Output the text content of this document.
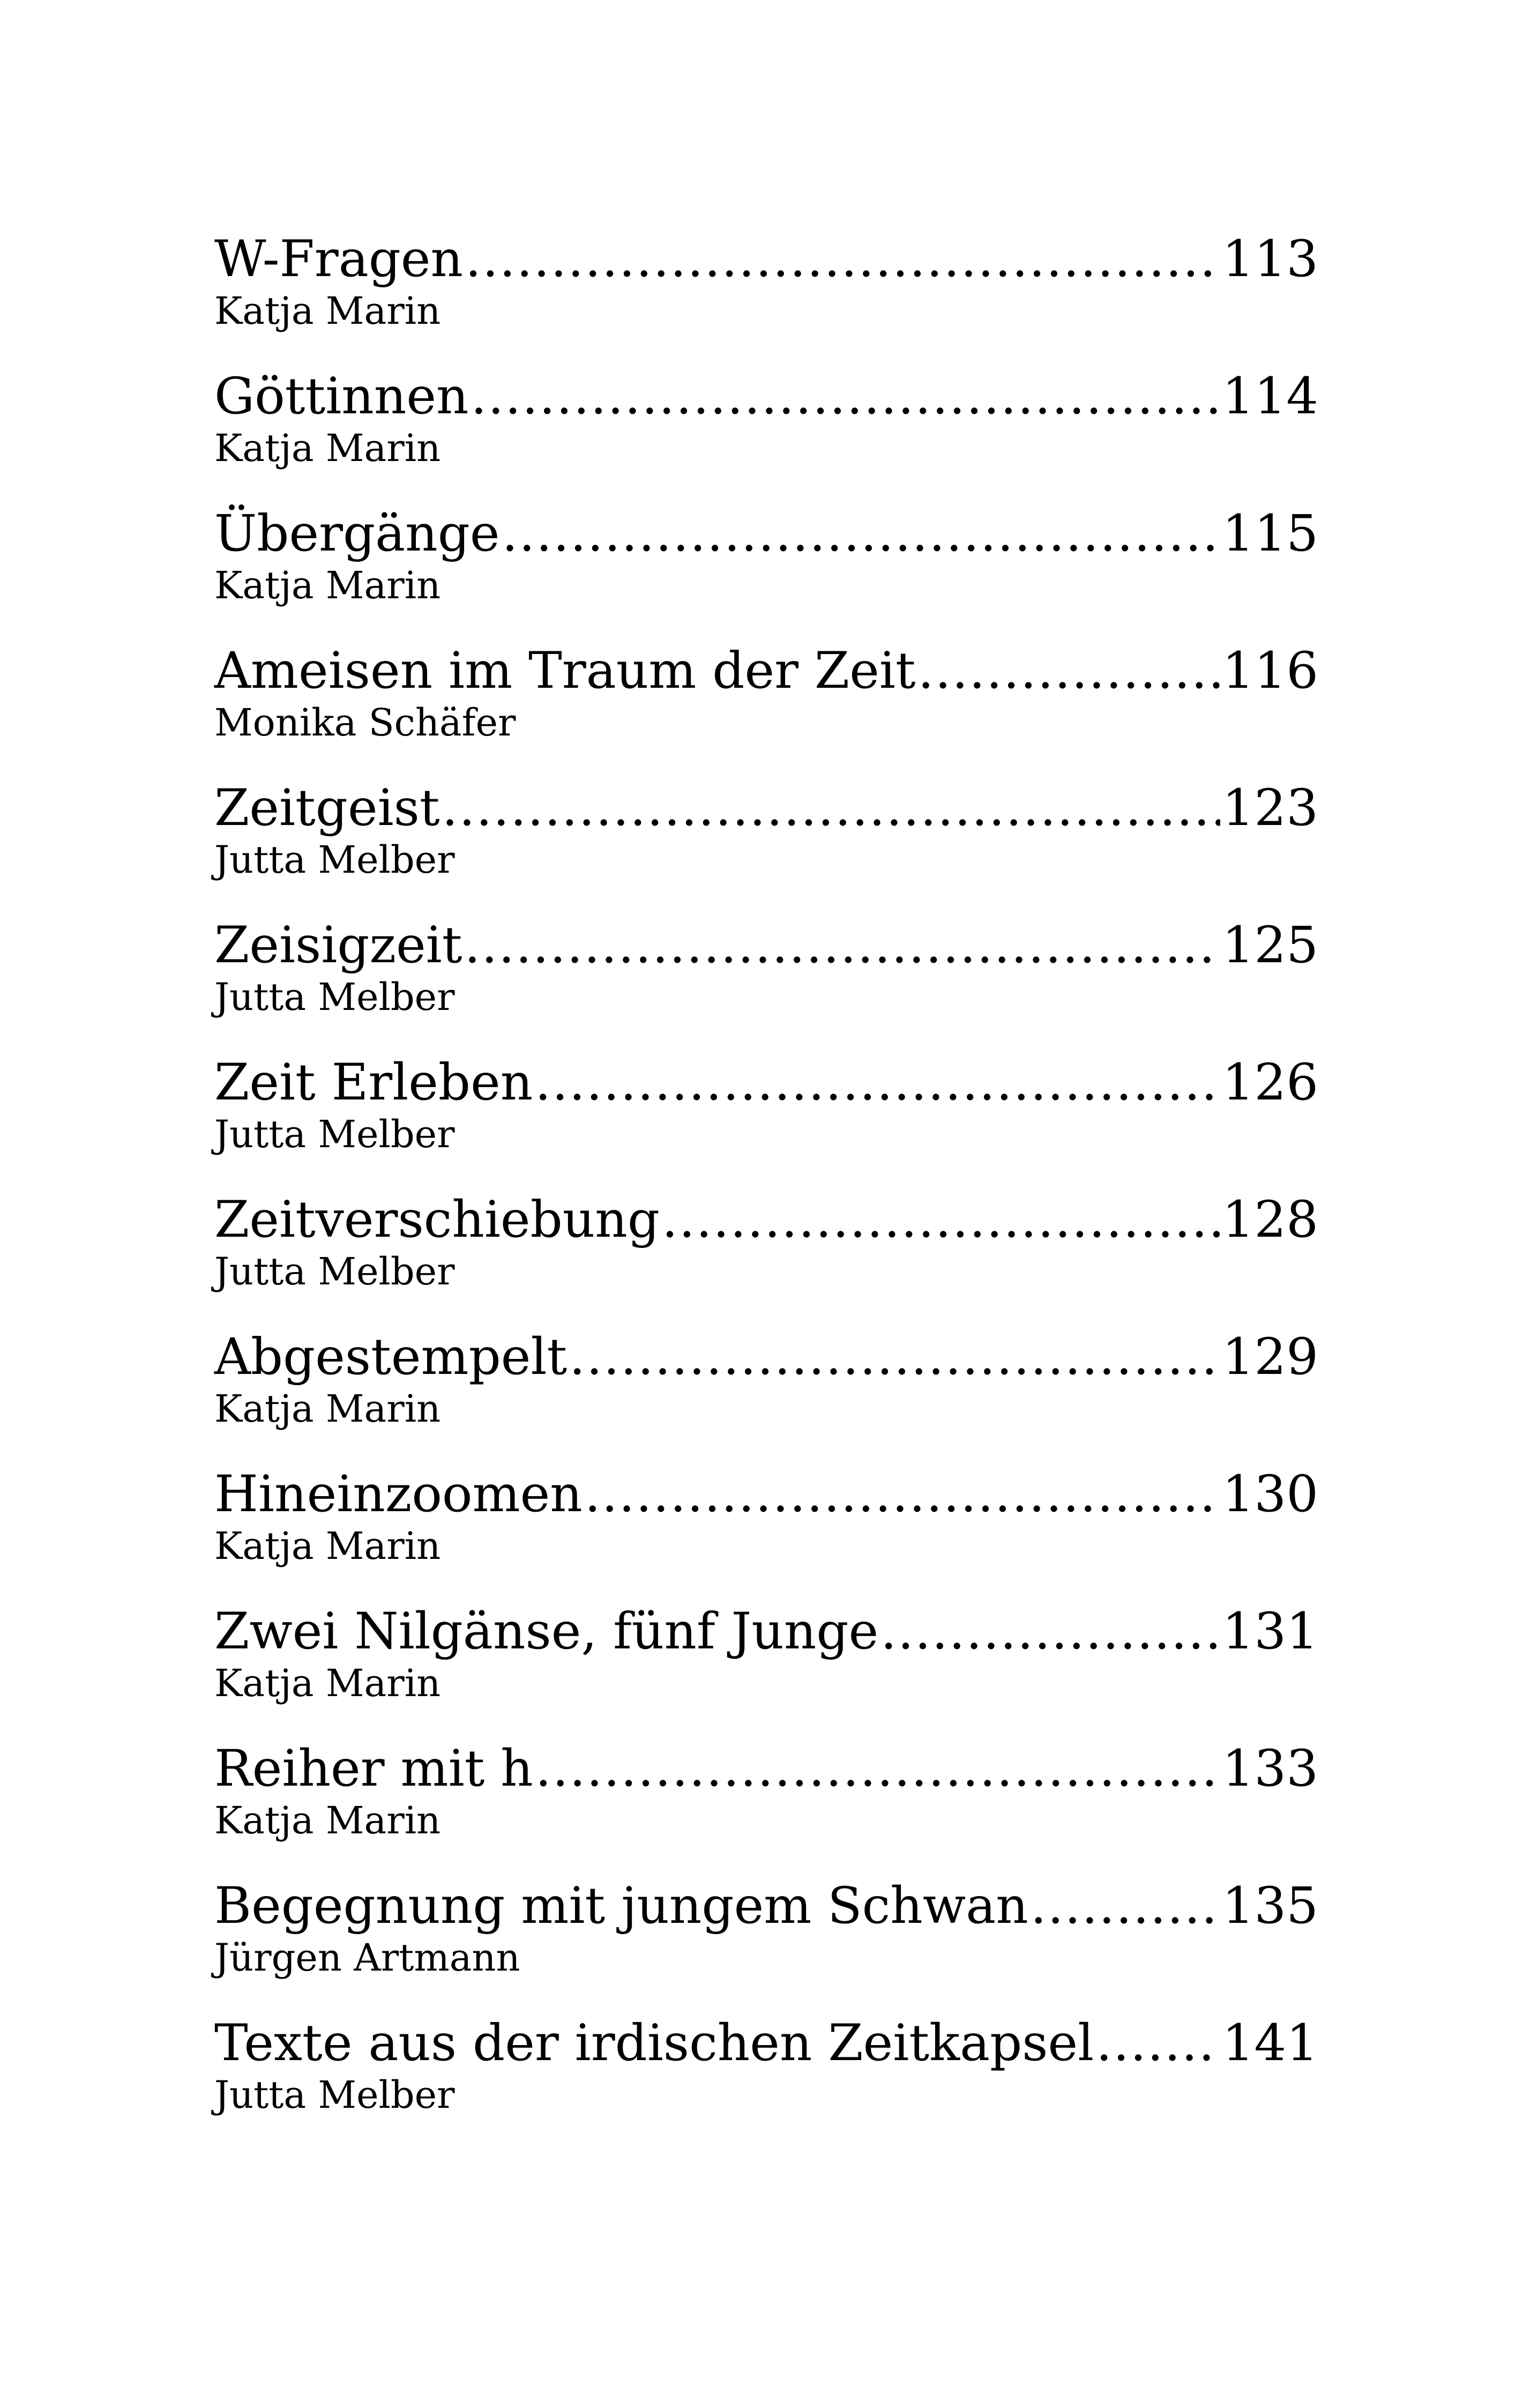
W-Fragen .....	113
Katja Marin
Göttinnen .....	114
Katja Marin
Übergänge .....	115
Katja Marin
Ameisen im Traum der Zeit .....	116
Monika Schäfer
Zeitgeist .....	123
Jutta Melber
Zeisigzeit .....	125
Jutta Melber
Zeit Erleben .....	126
Jutta Melber
Zeitverschiebung .....	128
Jutta Melber
Abgestempelt .....	129
Katja Marin
Hineinzoomen .....	130
Katja Marin
Zwei Nilgänse, fünf Junge .....	131
Katja Marin
Reiher mit h .....	133
Katja Marin
Begegnung mit jungem Schwan .....	135
Jürgen Artmann
Texte aus der irdischen Zeitkapsel .....	141
Jutta Melber
